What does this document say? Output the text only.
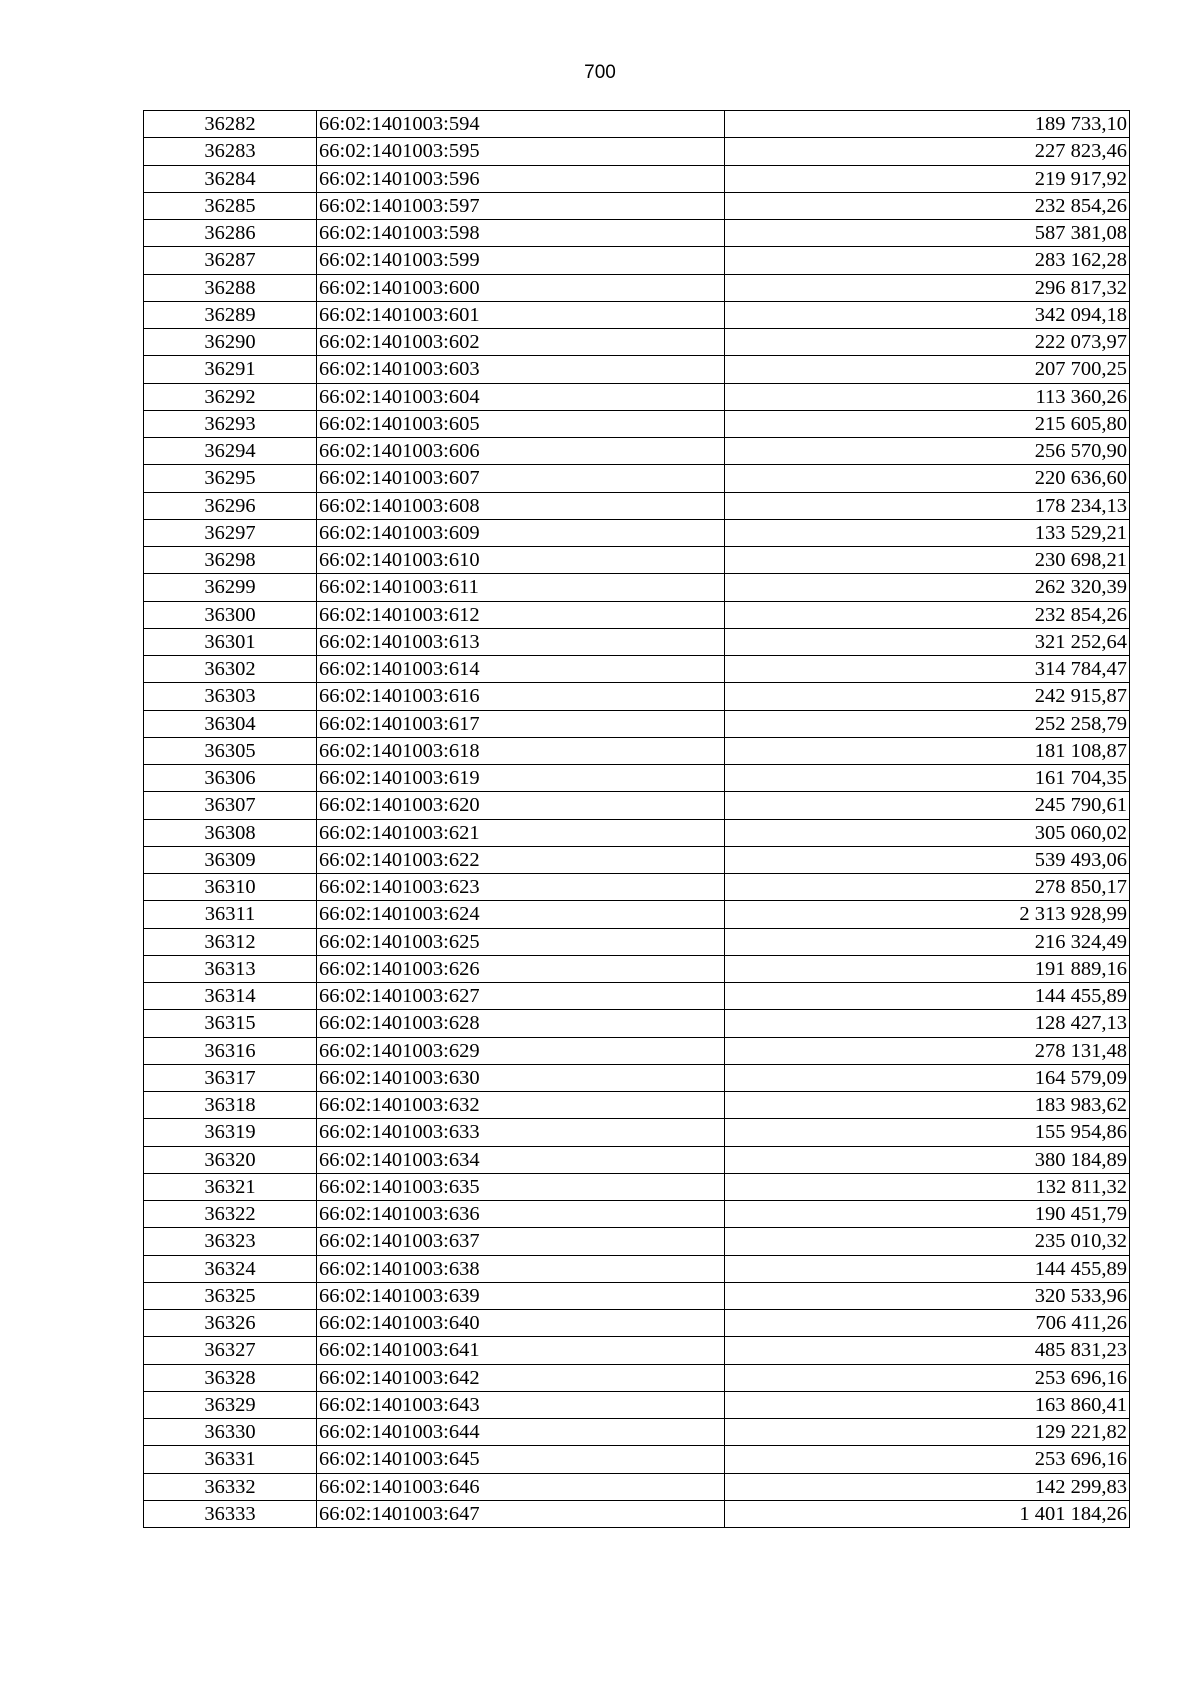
700
36282	66:02:1401003:594	189 733,10
36283	66:02:1401003:595	227 823,46
36284	66:02:1401003:596	219 917,92
36285	66:02:1401003:597	232 854,26
36286	66:02:1401003:598	587 381,08
36287	66:02:1401003:599	283 162,28
36288	66:02:1401003:600	296 817,32
36289	66:02:1401003:601	342 094,18
36290	66:02:1401003:602	222 073,97
36291	66:02:1401003:603	207 700,25
36292	66:02:1401003:604	113 360,26
36293	66:02:1401003:605	215 605,80
36294	66:02:1401003:606	256 570,90
36295	66:02:1401003:607	220 636,60
36296	66:02:1401003:608	178 234,13
36297	66:02:1401003:609	133 529,21
36298	66:02:1401003:610	230 698,21
36299	66:02:1401003:611	262 320,39
36300	66:02:1401003:612	232 854,26
36301	66:02:1401003:613	321 252,64
36302	66:02:1401003:614	314 784,47
36303	66:02:1401003:616	242 915,87
36304	66:02:1401003:617	252 258,79
36305	66:02:1401003:618	181 108,87
36306	66:02:1401003:619	161 704,35
36307	66:02:1401003:620	245 790,61
36308	66:02:1401003:621	305 060,02
36309	66:02:1401003:622	539 493,06
36310	66:02:1401003:623	278 850,17
36311	66:02:1401003:624	2 313 928,99
36312	66:02:1401003:625	216 324,49
36313	66:02:1401003:626	191 889,16
36314	66:02:1401003:627	144 455,89
36315	66:02:1401003:628	128 427,13
36316	66:02:1401003:629	278 131,48
36317	66:02:1401003:630	164 579,09
36318	66:02:1401003:632	183 983,62
36319	66:02:1401003:633	155 954,86
36320	66:02:1401003:634	380 184,89
36321	66:02:1401003:635	132 811,32
36322	66:02:1401003:636	190 451,79
36323	66:02:1401003:637	235 010,32
36324	66:02:1401003:638	144 455,89
36325	66:02:1401003:639	320 533,96
36326	66:02:1401003:640	706 411,26
36327	66:02:1401003:641	485 831,23
36328	66:02:1401003:642	253 696,16
36329	66:02:1401003:643	163 860,41
36330	66:02:1401003:644	129 221,82
36331	66:02:1401003:645	253 696,16
36332	66:02:1401003:646	142 299,83
36333	66:02:1401003:647	1 401 184,26
